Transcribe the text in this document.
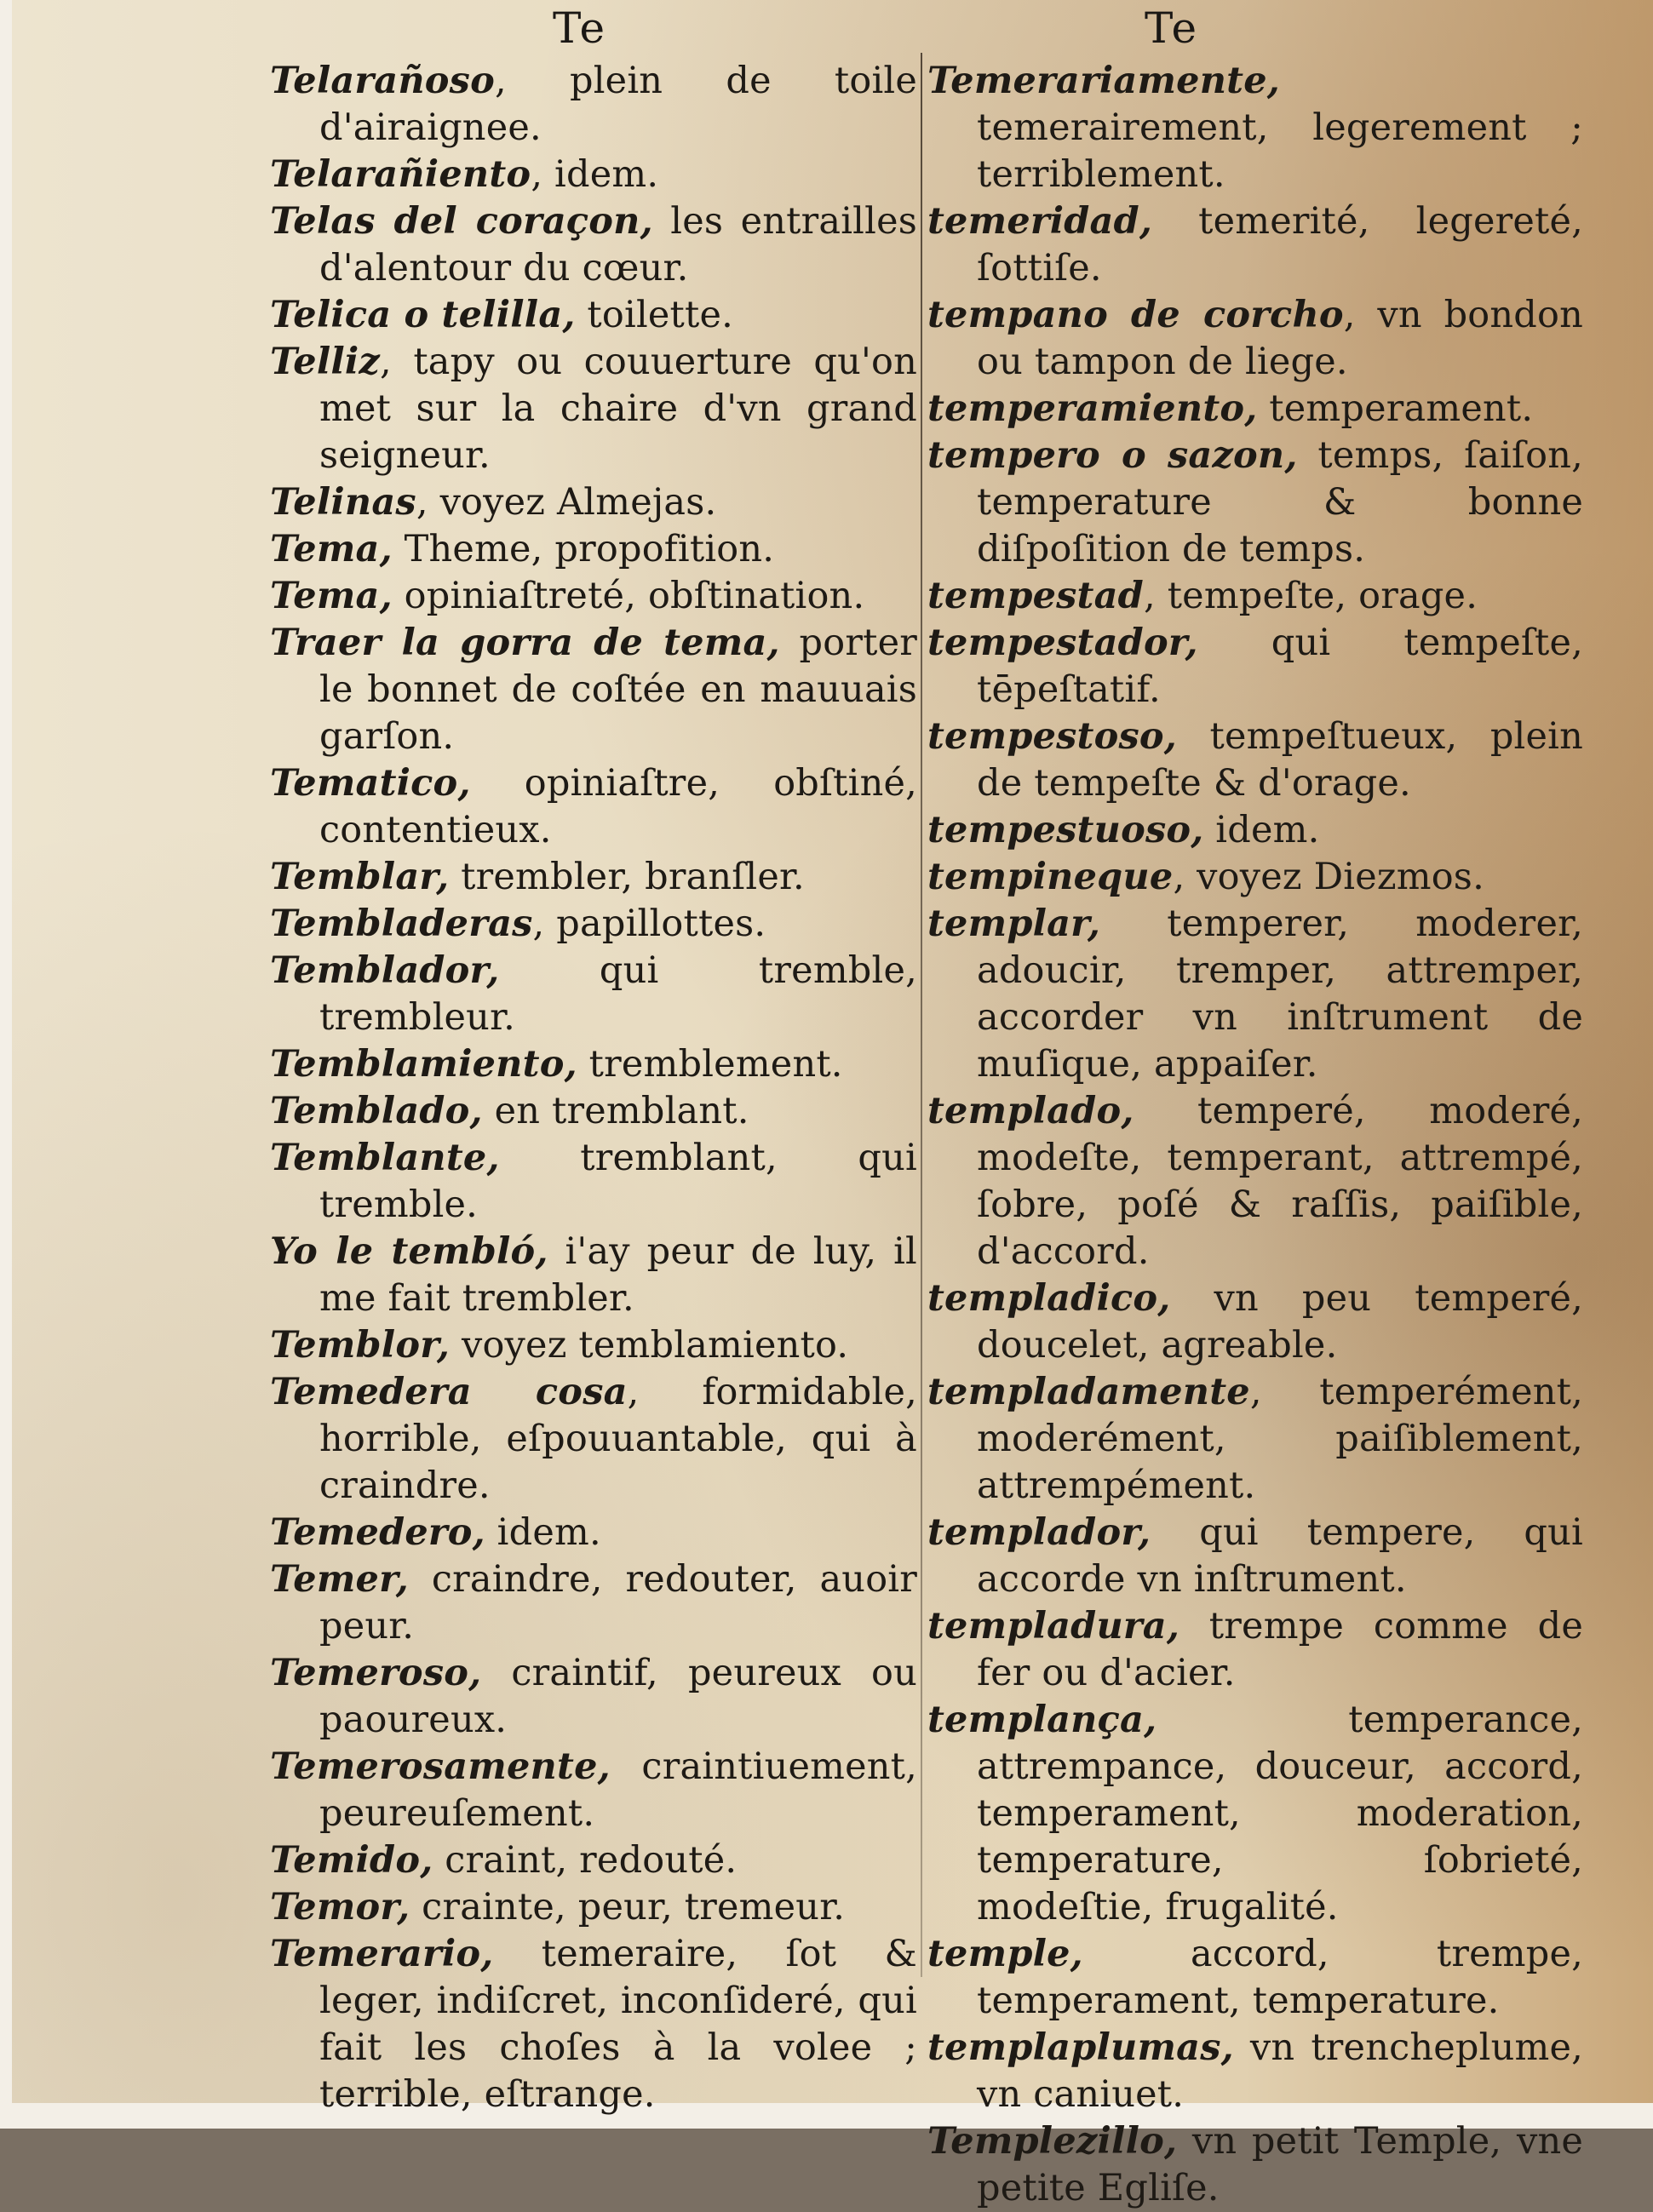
Te	Te
Telarañoso, plein de toile d'airaignee.
Telarañiento, idem.
Telas del coraçon, les entrailles d'alentour du cœur.
Telica o telilla, toilette.
Telliz, tapy ou couuerture qu'on met sur la chaire d'vn grand seigneur.
Telinas, voyez Almejas.
Tema, Theme, propofition.
Tema, opiniaſtreté, obſtination.
Traer la gorra de tema, porter le bonnet de coſtée en mauuais garſon.
Tematico, opiniaſtre, obſtiné, contentieux.
Temblar, trembler, branſler.
Tembladeras, papillottes.
Temblador, qui tremble, trembleur.
Temblamiento, tremblement.
Temblado, en tremblant.
Temblante, tremblant, qui tremble.
Yo le tembló, i'ay peur de luy, il me fait trembler.
Temblor, voyez temblamiento.
Temedera cosa, formidable, horrible, eſpouuantable, qui à craindre.
Temedero, idem.
Temer, craindre, redouter, auoir peur.
Temeroso, craintif, peureux ou paoureux.
Temerosamente, craintiuement, peureuſement.
Temido, craint, redouté.
Temor, crainte, peur, tremeur.
Temerario, temeraire, ſot & leger, indiſcret, inconſideré, qui fait les choſes à la volee ; terrible, eſtrange.
Temerariamente, temerairement, legerement ; terriblement.
temeridad, temerité, legereté, ſottiſe.
tempano de corcho, vn bondon ou tampon de liege.
temperamiento, temperament.
tempero o sazon, temps, ſaiſon, temperature & bonne diſpoſition de temps.
tempestad, tempeſte, orage.
tempestador, qui tempeſte, tēpeſtatif.
tempestoso, tempeſtueux, plein de tempeſte & d'orage.
tempestuoso, idem.
tempineque, voyez Diezmos.
templar, temperer, moderer, adoucir, tremper, attremper, accorder vn inſtrument de muſique, appaiſer.
templado, temperé, moderé, modeſte, temperant, attrempé, ſobre, poſé & raſſis, paiſible, d'accord.
templadico, vn peu temperé, doucelet, agreable.
templadamente, temperément, moderément, paiſiblement, attrempément.
templador, qui tempere, qui accorde vn inſtrument.
templadura, trempe comme de fer ou d'acier.
templança, temperance, attrempance, douceur, accord, temperament, moderation, temperature, ſobrieté, modeſtie, frugalité.
temple, accord, trempe, temperament, temperature.
templaplumas, vn trencheplume, vn caniuet.
Templezillo, vn petit Temple, vne petite Egliſe.
